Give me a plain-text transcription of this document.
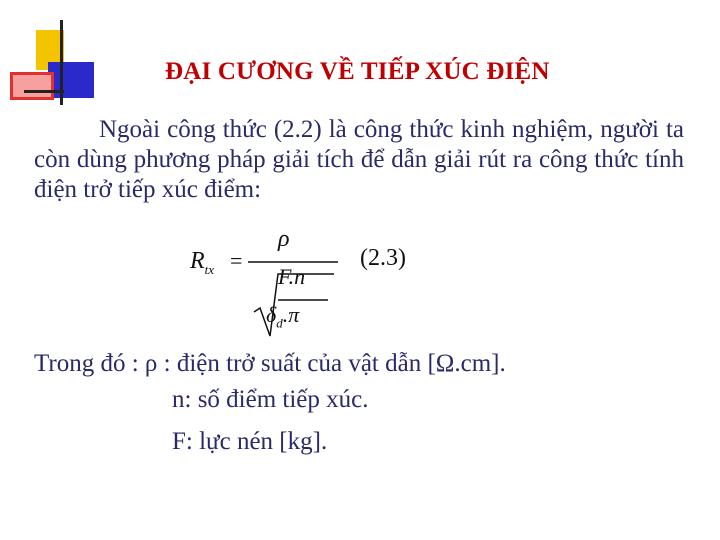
ĐẠI CƯƠNG VỀ TIẾP XÚC ĐIỆN

Ngoài công thức (2.2) là công thức kinh nghiệm, người ta còn dùng phương pháp giải tích để dẫn giải rút ra công thức tính điện trở tiếp xúc điểm:

$R_{tx}$ =
ρ
F.n
$\delta_d.\pi$
(2.3)
Trong đó : ρ : điện trở suất của vật dẫn [Ω.cm].
n: số điểm tiếp xúc.
F: lực nén [kg].
